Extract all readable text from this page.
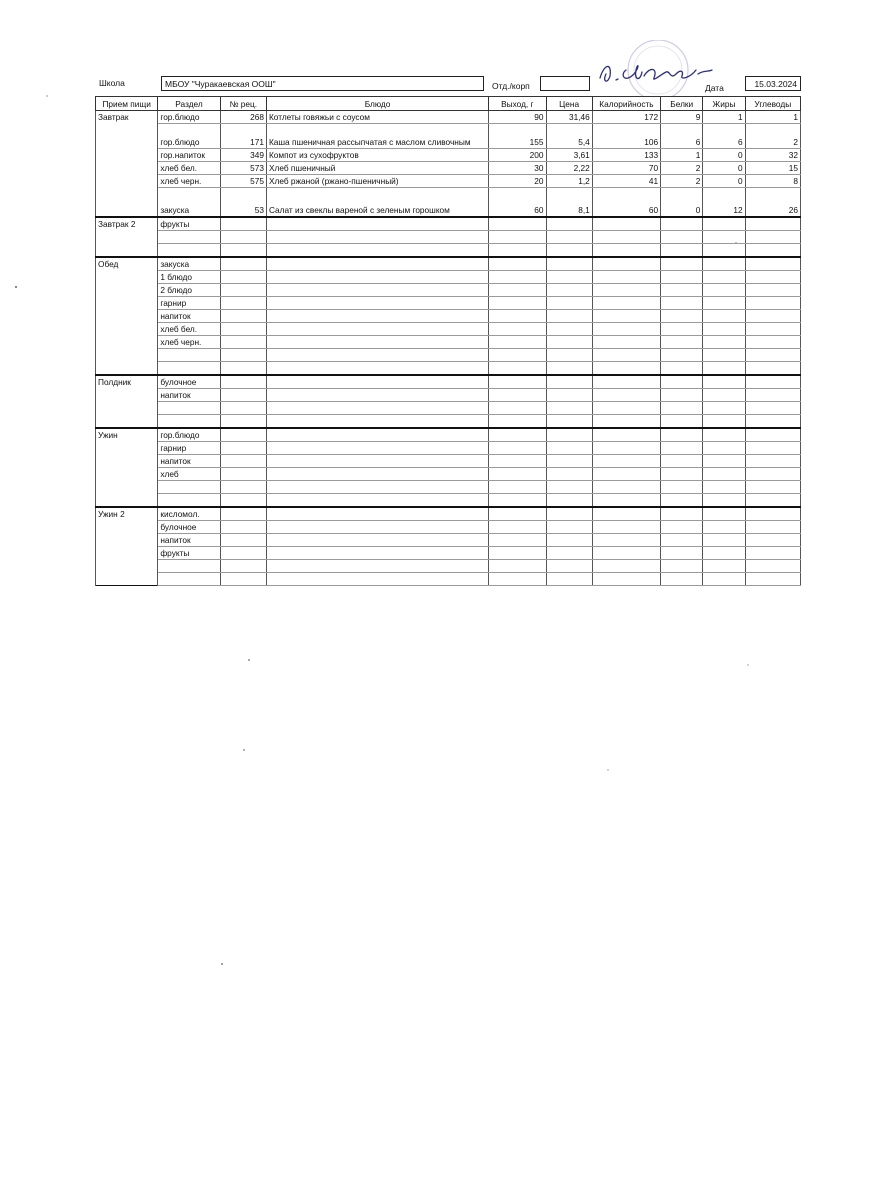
Школа	МБОУ "Чуракаевская ООШ"	Отд./корп	Дата	15.03.2024
Прием пищи	Раздел	№ рец.	Блюдо	Выход, г	Цена	Калорийность	Белки	Жиры	Углеводы
Завтрак	гор.блюдо	268	Котлеты говяжьи с соусом	90	31,46	172	9	1	1
	гор.блюдо	171	Каша пшеничная рассыпчатая с маслом сливочным	155	5,4	106	6	6	2
	гор.напиток	349	Компот из сухофруктов	200	3,61	133	1	0	32
	хлеб бел.	573	Хлеб пшеничный	30	2,22	70	2	0	15
	хлеб черн.	575	Хлеб ржаной (ржано-пшеничный)	20	1,2	41	2	0	8
	закуска	53	Салат из свеклы вареной с зеленым горошком	60	8,1	60	0	12	26
Завтрак 2	фрукты								

Обед	закуска								
	1 блюдо								
	2 блюдо								
	гарнир								
	напиток								
	хлеб бел.								
	хлеб черн.								

Полдник	булочное								
	напиток								

Ужин	гор.блюдо								
	гарнир								
	напиток								
	хлеб								

Ужин 2	кисломол.								
	булочное								
	напиток								
	фрукты								
